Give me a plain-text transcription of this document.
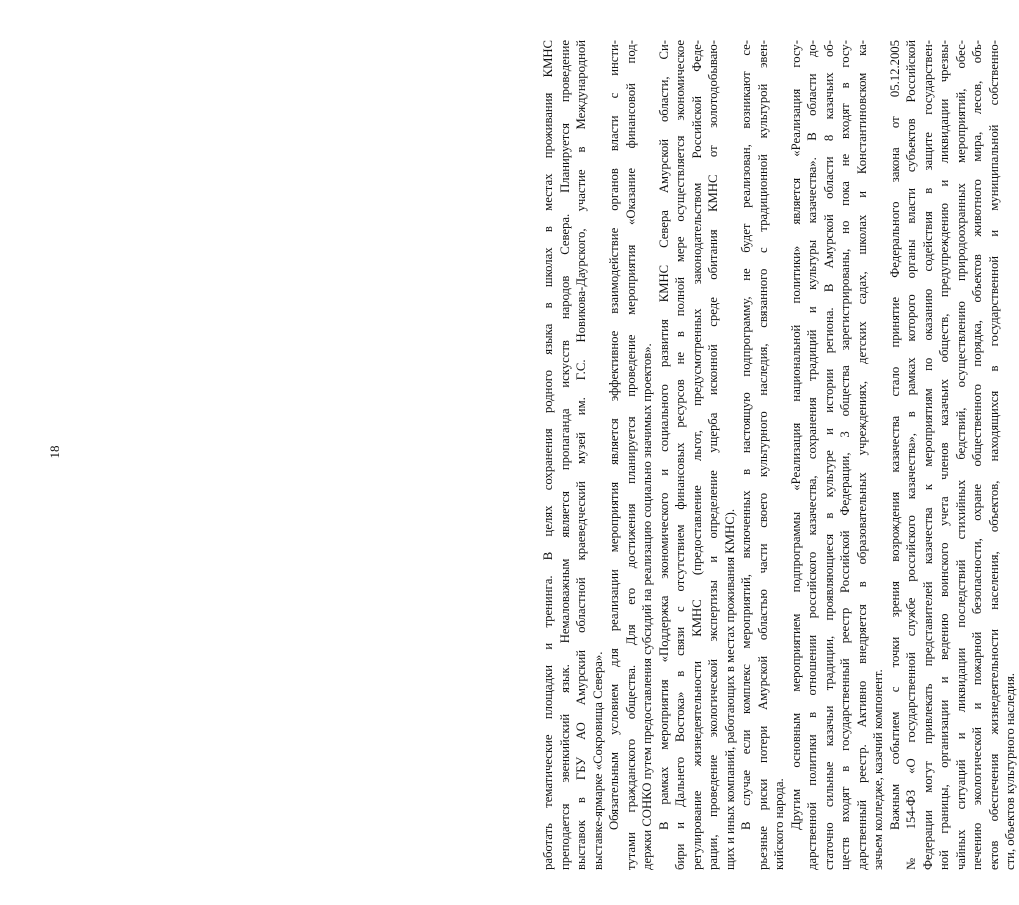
18	работать тематические площадки и тренинга. В целях сохранения родного языка в школах в местах проживания КМНС преподается эвенкийский язык. Немаловажным является пропаганда искусств народов Севера. Планируется проведение выставок в ГБУ АО Амурский областной краеведческий музей им. Г.С. Новикова-Даурского, участие в Международной выставке-ярмарке «Сокровища Севера». Обязательным условием для реализации мероприятия является эффективное взаимодействие органов власти с инсти- тутами гражданского общества. Для его достижения планируется проведение мероприятия «Оказание финансовой под- держки СОНКО путем предоставления субсидий на реализацию социально значимых проектов». В рамках мероприятия «Поддержка экономического и социального развития КМНС Севера Амурской области, Си- бири и Дальнего Востока» в связи с отсутствием финансовых ресурсов не в полной мере осуществляется экономическое регулирование жизнедеятельности КМНС (предоставление льгот, предусмотренных законодательством Российской Феде- рации, проведение экологической экспертизы и определение ущерба исконной среде обитания КМНС от золотодобываю- щих и иных компаний, работающих в местах проживания КМНС). В случае если комплекс мероприятий, включенных в настоящую подпрограмму, не будет реализован, возникают се- рьезные риски потери Амурской областью части своего культурного наследия, связанного с традиционной культурой эвен- кийского народа. Другим основным мероприятием подпрограммы «Реализация национальной политики» является «Реализация госу- дарственной политики в отношении российского казачества, сохранения традиций и культуры казачества». В области до- статочно сильные казачьи традиции, проявляющиеся в культуре и истории региона. В Амурской области 8 казачьих об- ществ входят в государственный реестр Российской Федерации, 3 общества зарегистрированы, но пока не входят в госу- дарственный реестр. Активно внедряется в образовательных учреждениях, детских садах, школах и Константиновском ка- зачьем колледже, казачий компонент. Важным событием с точки зрения возрождения казачества стало принятие Федерального закона от 05.12.2005 № 154-ФЗ «О государственной службе российского казачества», в рамках которого органы власти субъектов Российской Федерации могут привлекать представителей казачества к мероприятиям по оказанию содействия в защите государствен- ной границы, организации и ведению воинского учета членов казачьих обществ, предупреждению и ликвидации чрезвы- чайных ситуаций и ликвидации последствий стихийных бедствий, осуществлению природоохранных мероприятий, обес- печению экологической и пожарной безопасности, охране общественного порядка, объектов животного мира, лесов, объ- ектов обеспечения жизнедеятельности населения, объектов, находящихся в государственной и муниципальной собственно- сти, объектов культурного наследия.
